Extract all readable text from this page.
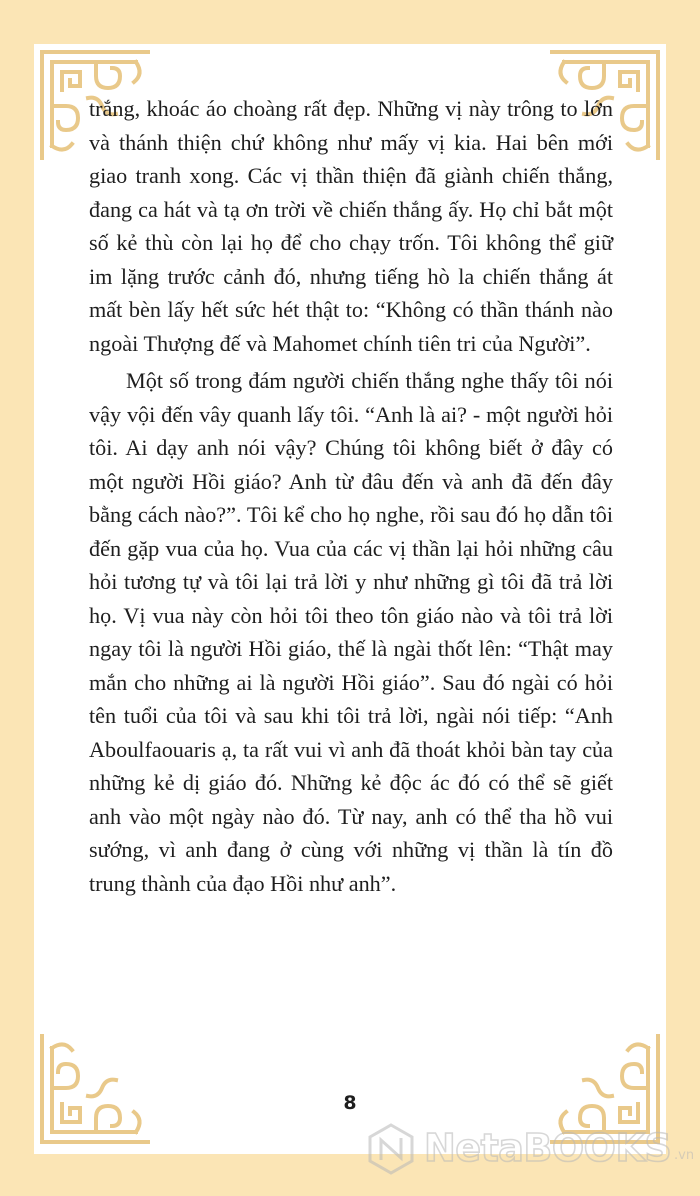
trắng, khoác áo choàng rất đẹp. Những vị này trông to lớn và thánh thiện chứ không như mấy vị kia. Hai bên mới giao tranh xong. Các vị thần thiện đã giành chiến thắng, đang ca hát và tạ ơn trời về chiến thắng ấy. Họ chỉ bắt một số kẻ thù còn lại họ để cho chạy trốn. Tôi không thể giữ im lặng trước cảnh đó, nhưng tiếng hò la chiến thắng át mất bèn lấy hết sức hét thật to: “Không có thần thánh nào ngoài Thượng đế và Mahomet chính tiên tri của Người”.

Một số trong đám người chiến thắng nghe thấy tôi nói vậy vội đến vây quanh lấy tôi. “Anh là ai? - một người hỏi tôi. Ai dạy anh nói vậy? Chúng tôi không biết ở đây có một người Hồi giáo? Anh từ đâu đến và anh đã đến đây bằng cách nào?”. Tôi kể cho họ nghe, rồi sau đó họ dẫn tôi đến gặp vua của họ. Vua của các vị thần lại hỏi những câu hỏi tương tự và tôi lại trả lời y như những gì tôi đã trả lời họ. Vị vua này còn hỏi tôi theo tôn giáo nào và tôi trả lời ngay tôi là người Hồi giáo, thế là ngài thốt lên: “Thật may mắn cho những ai là người Hồi giáo”. Sau đó ngài có hỏi tên tuổi của tôi và sau khi tôi trả lời, ngài nói tiếp: “Anh Aboulfaouaris ạ, ta rất vui vì anh đã thoát khỏi bàn tay của những kẻ dị giáo đó. Những kẻ độc ác đó có thể sẽ giết anh vào một ngày nào đó. Từ nay, anh có thể tha hồ vui sướng, vì anh đang ở cùng với những vị thần là tín đồ trung thành của đạo Hồi như anh”.

8
NetaBOOKS .vn
